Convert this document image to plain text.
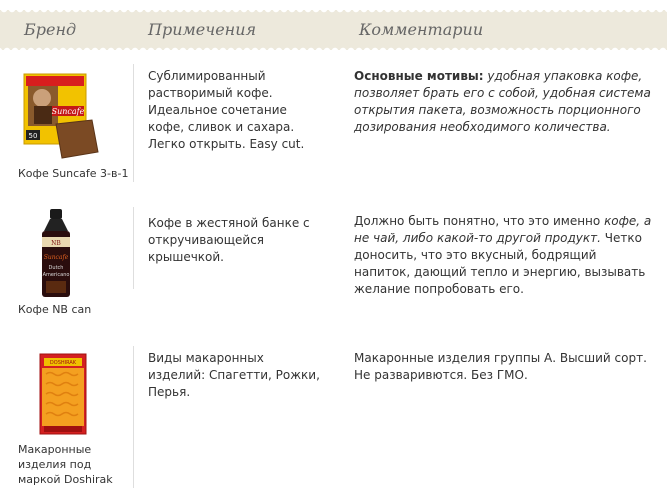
Бренд	Примечения	Комментарии
Suncafe
50
Кофе Suncafe 3-в-1
Сублимированный растворимый кофе. Идеальное сочетание кофе, сливок и сахара. Легко открыть. Easy cut.
Основные мотивы: удобная упаковка кофе, позволяет брать его с собой, удобная система открытия пакета, возможность порционного дозирования необходимого количества.
NB
Suncafe
Dutch
Americano
Кофе NB can
Кофе в жестяной банке с откручивающейся крышечкой.
Должно быть понятно, что это именно кофе, а не чай, либо какой-то другой продукт. Четко доносить, что это вкусный, бодрящий напиток, дающий тепло и энергию, вызывать желание попробовать его.
DOSHIRAK
Макаронные изделия под маркой Doshirak
Виды макаронных изделий: Спагетти, Рожки, Перья.
Макаронные изделия группы А. Высший сорт. Не разваривются. Без ГМО.
